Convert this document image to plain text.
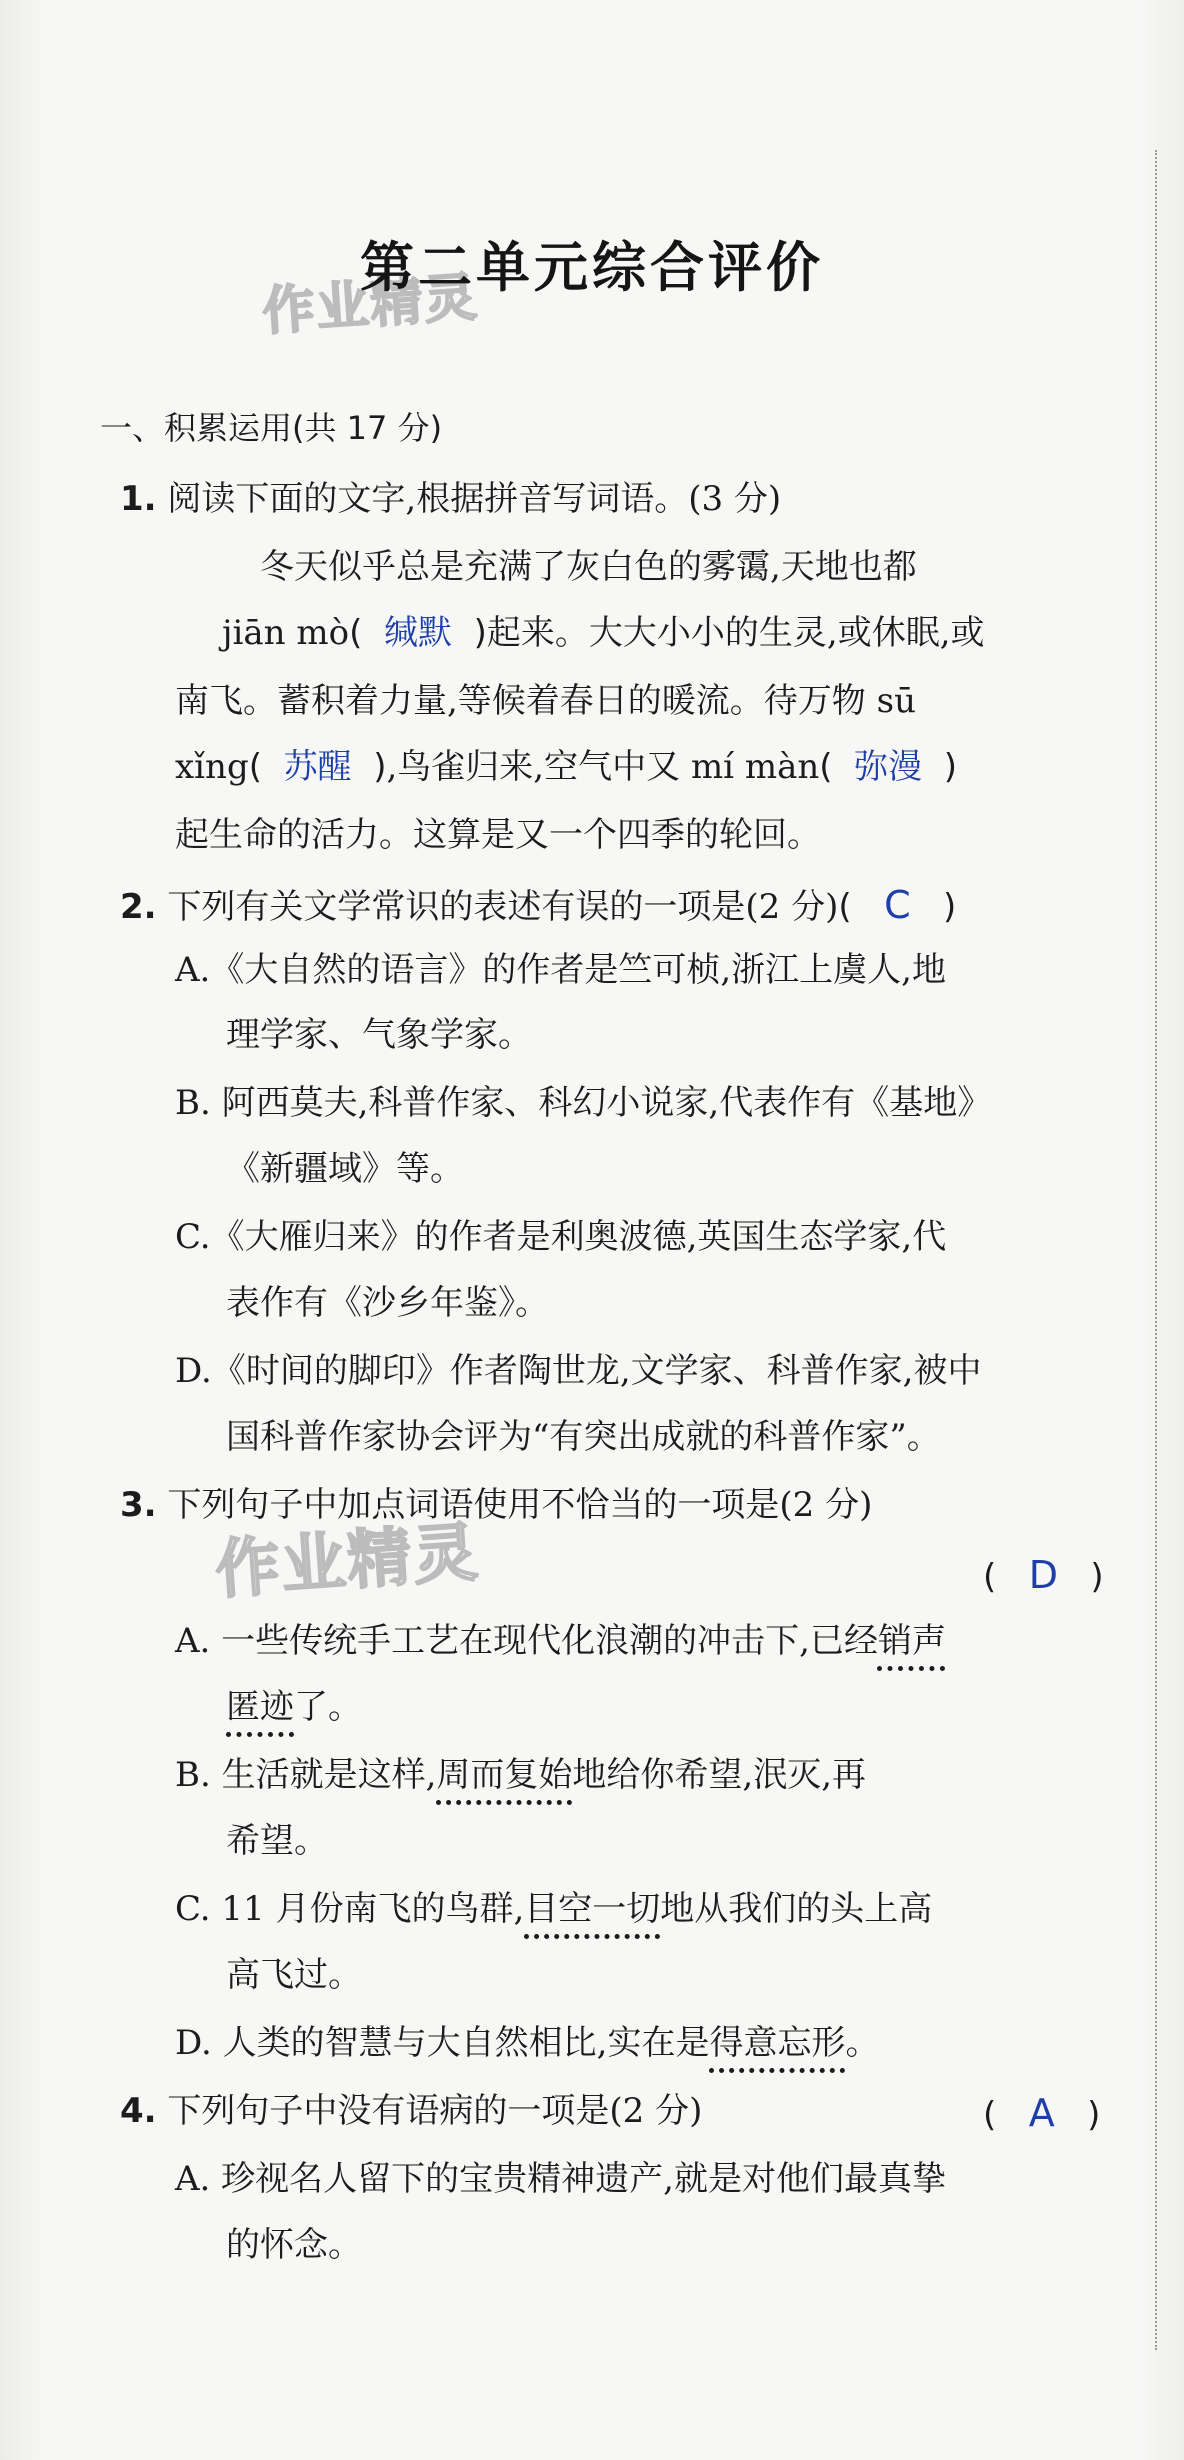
作业精灵
作业精灵
第二单元综合评价
一、积累运用(共 17 分)
1. 阅读下面的文字,根据拼音写词语。(3 分)
冬天似乎总是充满了灰白色的雾霭,天地也都
jiān mò( 缄默 )起来。大大小小的生灵,或休眠,或
南飞。蓄积着力量,等候着春日的暖流。待万物 sū
xǐng( 苏醒 ),鸟雀归来,空气中又 mí màn( 弥漫 )
起生命的活力。这算是又一个四季的轮回。
2. 下列有关文学常识的表述有误的一项是(2 分)( C )
A.《大自然的语言》的作者是竺可桢,浙江上虞人,地
理学家、气象学家。
B. 阿西莫夫,科普作家、科幻小说家,代表作有《基地》
《新疆域》等。
C.《大雁归来》的作者是利奥波德,英国生态学家,代
表作有《沙乡年鉴》。
D.《时间的脚印》作者陶世龙,文学家、科普作家,被中
国科普作家协会评为“有突出成就的科普作家”。
3. 下列句子中加点词语使用不恰当的一项是(2 分)
( D )
A. 一些传统手工艺在现代化浪潮的冲击下,已经销声
匿迹了。
B. 生活就是这样,周而复始地给你希望,泯灭,再
希望。
C. 11 月份南飞的鸟群,目空一切地从我们的头上高
高飞过。
D. 人类的智慧与大自然相比,实在是得意忘形。
4. 下列句子中没有语病的一项是(2 分)	( A )
A. 珍视名人留下的宝贵精神遗产,就是对他们最真挚
的怀念。
